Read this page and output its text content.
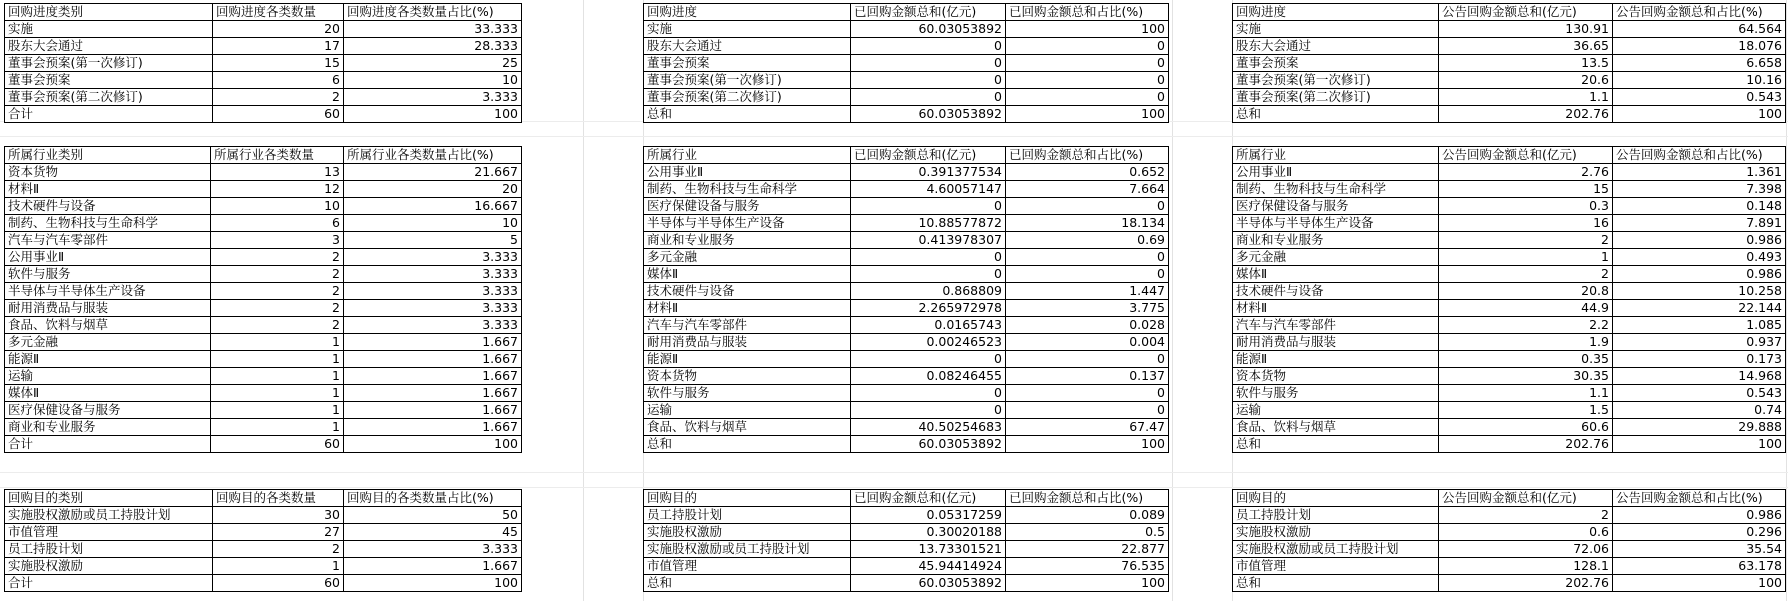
回购进度类别	回购进度各类数量	回购进度各类数量占比(%)
实施	20	33.333
股东大会通过	17	28.333
董事会预案(第一次修订)	15	25
董事会预案	6	10
董事会预案(第二次修订)	2	3.333
合计	60	100
所属行业类别	所属行业各类数量	所属行业各类数量占比(%)
资本货物	13	21.667
材料Ⅱ	12	20
技术硬件与设备	10	16.667
制药、生物科技与生命科学	6	10
汽车与汽车零部件	3	5
公用事业Ⅱ	2	3.333
软件与服务	2	3.333
半导体与半导体生产设备	2	3.333
耐用消费品与服装	2	3.333
食品、饮料与烟草	2	3.333
多元金融	1	1.667
能源Ⅱ	1	1.667
运输	1	1.667
媒体Ⅱ	1	1.667
医疗保健设备与服务	1	1.667
商业和专业服务	1	1.667
合计	60	100
回购目的类别	回购目的各类数量	回购目的各类数量占比(%)
实施股权激励或员工持股计划	30	50
市值管理	27	45
员工持股计划	2	3.333
实施股权激励	1	1.667
合计	60	100
回购进度	已回购金额总和(亿元)	已回购金额总和占比(%)
实施	60.03053892	100
股东大会通过	0	0
董事会预案	0	0
董事会预案(第一次修订)	0	0
董事会预案(第二次修订)	0	0
总和	60.03053892	100
所属行业	已回购金额总和(亿元)	已回购金额总和占比(%)
公用事业Ⅱ	0.391377534	0.652
制药、生物科技与生命科学	4.60057147	7.664
医疗保健设备与服务	0	0
半导体与半导体生产设备	10.88577872	18.134
商业和专业服务	0.413978307	0.69
多元金融	0	0
媒体Ⅱ	0	0
技术硬件与设备	0.868809	1.447
材料Ⅱ	2.265972978	3.775
汽车与汽车零部件	0.0165743	0.028
耐用消费品与服装	0.00246523	0.004
能源Ⅱ	0	0
资本货物	0.08246455	0.137
软件与服务	0	0
运输	0	0
食品、饮料与烟草	40.50254683	67.47
总和	60.03053892	100
回购目的	已回购金额总和(亿元)	已回购金额总和占比(%)
员工持股计划	0.05317259	0.089
实施股权激励	0.30020188	0.5
实施股权激励或员工持股计划	13.73301521	22.877
市值管理	45.94414924	76.535
总和	60.03053892	100
回购进度	公告回购金额总和(亿元)	公告回购金额总和占比(%)
实施	130.91	64.564
股东大会通过	36.65	18.076
董事会预案	13.5	6.658
董事会预案(第一次修订)	20.6	10.16
董事会预案(第二次修订)	1.1	0.543
总和	202.76	100
所属行业	公告回购金额总和(亿元)	公告回购金额总和占比(%)
公用事业Ⅱ	2.76	1.361
制药、生物科技与生命科学	15	7.398
医疗保健设备与服务	0.3	0.148
半导体与半导体生产设备	16	7.891
商业和专业服务	2	0.986
多元金融	1	0.493
媒体Ⅱ	2	0.986
技术硬件与设备	20.8	10.258
材料Ⅱ	44.9	22.144
汽车与汽车零部件	2.2	1.085
耐用消费品与服装	1.9	0.937
能源Ⅱ	0.35	0.173
资本货物	30.35	14.968
软件与服务	1.1	0.543
运输	1.5	0.74
食品、饮料与烟草	60.6	29.888
总和	202.76	100
回购目的	公告回购金额总和(亿元)	公告回购金额总和占比(%)
员工持股计划	2	0.986
实施股权激励	0.6	0.296
实施股权激励或员工持股计划	72.06	35.54
市值管理	128.1	63.178
总和	202.76	100
